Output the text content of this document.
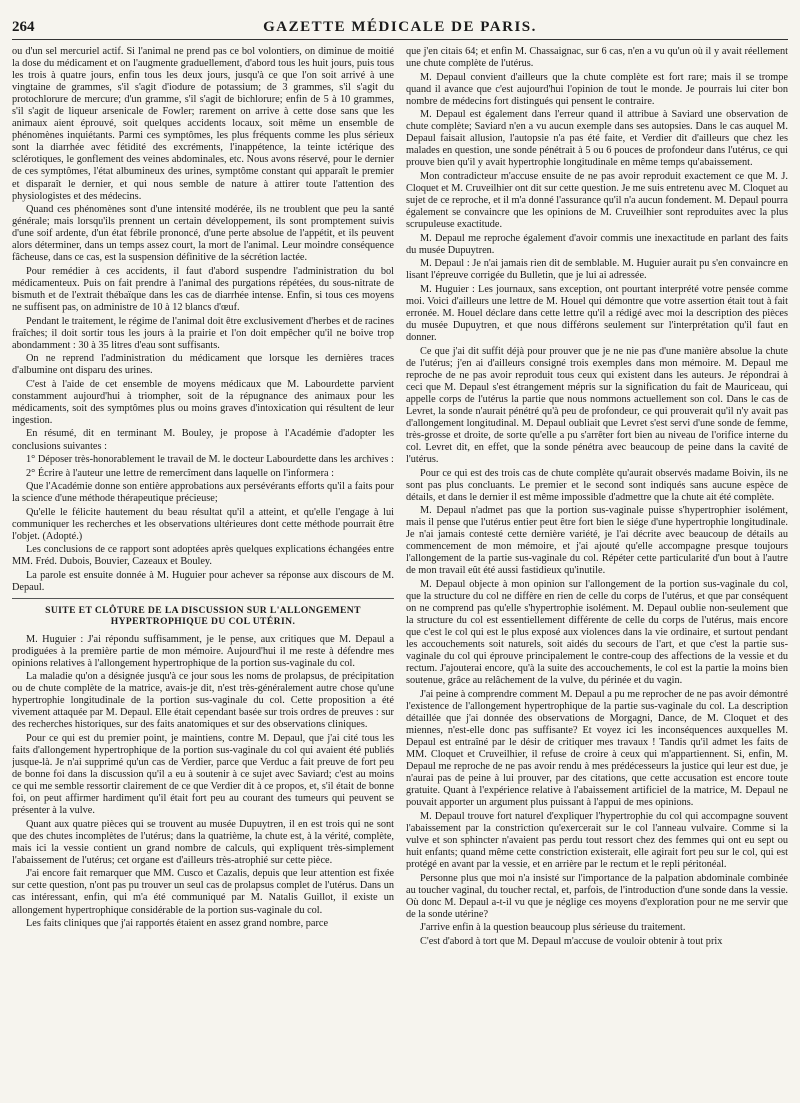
264	GAZETTE MÉDICALE DE PARIS.

ou d'un sel mercuriel actif. Si l'animal ne prend pas ce bol volontiers, on diminue de moitié la dose du médicament et on l'augmente graduellement, d'abord tous les huit jours, puis tous les trois à quatre jours, enfin tous les deux jours, jusqu'à ce que l'on soit arrivé à une vingtaine de grammes, s'il s'agit d'iodure de potassium; de 3 grammes, s'il s'agit du protochlorure de mercure; d'un gramme, s'il s'agit de bichlorure; enfin de 5 à 10 grammes, s'il s'agit de liqueur arsenicale de Fowler; rarement on arrive à cette dose sans que les animaux aient éprouvé, soit quelques accidents locaux, soit même un ensemble de phénomènes inquiétants. Parmi ces symptômes, les plus fréquents comme les plus sérieux sont la diarrhée avec fétidité des excréments, l'inappétence, la teinte ictérique des sclérotiques, le gonflement des veines abdominales, etc. Nous avons réservé, pour le dernier de ces symptômes, l'état albumineux des urines, symptôme constant qui apparaît le premier et disparaît le dernier, et qui nous semble de nature à attirer toute l'attention des physiologistes et des médecins.

Quand ces phénomènes sont d'une intensité modérée, ils ne troublent que peu la santé générale; mais lorsqu'ils prennent un certain développement, ils sont promptement suivis d'une soif ardente, d'un état fébrile prononcé, d'une perte absolue de l'appétit, et ils peuvent alors déterminer, dans un temps assez court, la mort de l'animal. Leur moindre conséquence fâcheuse, dans ce cas, est la suspension définitive de la sécrétion lactée.

Pour remédier à ces accidents, il faut d'abord suspendre l'administration du bol médicamenteux. Puis on fait prendre à l'animal des purgations répétées, du sous-nitrate de bismuth et de l'extrait thébaïque dans les cas de diarrhée intense. Enfin, si tous ces moyens ne suffisent pas, on administre de 10 à 12 blancs d'œuf.

Pendant le traitement, le régime de l'animal doit être exclusivement d'herbes et de racines fraîches; il doit sortir tous les jours à la prairie et l'on doit empêcher qu'il ne boive trop abondamment : 30 à 35 litres d'eau sont suffisants.

On ne reprend l'administration du médicament que lorsque les dernières traces d'albumine ont disparu des urines.

C'est à l'aide de cet ensemble de moyens médicaux que M. Labourdette parvient constamment aujourd'hui à triompher, soit de la répugnance des animaux pour les médicaments, soit des symptômes plus ou moins graves d'intoxication qui résultent de leur ingestion.

En résumé, dit en terminant M. Bouley, je propose à l'Académie d'adopter les conclusions suivantes :

1° Déposer très-honorablement le travail de M. le docteur Labourdette dans les archives :

2° Écrire à l'auteur une lettre de remercîment dans laquelle on l'informera :

Que l'Académie donne son entière approbations aux persévérants efforts qu'il a faits pour la science d'une méthode thérapeutique précieuse;

Qu'elle le félicite hautement du beau résultat qu'il a atteint, et qu'elle l'engage à lui communiquer les recherches et les observations ultérieures dont cette méthode pourrait être l'objet. (Adopté.)

Les conclusions de ce rapport sont adoptées après quelques explications échangées entre MM. Fréd. Dubois, Bouvier, Cazeaux et Bouley.

La parole est ensuite donnée à M. Huguier pour achever sa réponse aux discours de M. Depaul.

SUITE ET CLÔTURE DE LA DISCUSSION SUR L'ALLONGEMENT HYPERTROPHIQUE DU COL UTÉRIN.

M. Huguier : J'ai répondu suffisamment, je le pense, aux critiques que M. Depaul a prodiguées à la première partie de mon mémoire. Aujourd'hui il me reste à défendre mes opinions relatives à l'allongement hypertrophique de la portion sus-vaginale du col.

La maladie qu'on a désignée jusqu'à ce jour sous les noms de prolapsus, de précipitation ou de chute complète de la matrice, avais-je dit, n'est très-généralement autre chose qu'une hypertrophie longitudinale de la portion sus-vaginale du col. Cette proposition a été vivement attaquée par M. Depaul. Elle était cependant basée sur trois ordres de preuves : sur des recherches historiques, sur des faits anatomiques et sur des observations cliniques.

Pour ce qui est du premier point, je maintiens, contre M. Depaul, que j'ai cité tous les faits d'allongement hypertrophique de la portion sus-vaginale du col qui avaient été publiés jusque-là. Je n'ai supprimé qu'un cas de Verdier, parce que Verduc a fait preuve de fort peu de bonne foi dans la discussion qu'il a eu à soutenir à ce sujet avec Saviard; c'est au moins ce qui me semble ressortir clairement de ce que Verdier dit à ce propos, et, s'il était de bonne foi, on peut affirmer hardiment qu'il était fort peu au courant des tumeurs qui peuvent se présenter à la vulve.

Quant aux quatre pièces qui se trouvent au musée Dupuytren, il en est trois qui ne sont que des chutes incomplètes de l'utérus; dans la quatrième, la chute est, à la vérité, complète, mais ici la vessie contient un grand nombre de calculs, qui expliquent très-simplement l'abaissement de l'utérus; cet organe est d'ailleurs très-atrophié sur cette pièce.

J'ai encore fait remarquer que MM. Cusco et Cazalis, depuis que leur attention est fixée sur cette question, n'ont pas pu trouver un seul cas de prolapsus complet de l'utérus. Dans un cas intéressant, enfin, qui m'a été communiqué par M. Natalis Guillot, il existe un allongement hypertrophique considérable de la portion sus-vaginale du col.

Les faits cliniques que j'ai rapportés étaient en assez grand nombre, parce

que j'en citais 64; et enfin M. Chassaignac, sur 6 cas, n'en a vu qu'un où il y avait réellement une chute complète de l'utérus.

M. Depaul convient d'ailleurs que la chute complète est fort rare; mais il se trompe quand il avance que c'est aujourd'hui l'opinion de tout le monde. Je pourrais lui citer bon nombre de médecins fort distingués qui pensent le contraire.

M. Depaul est également dans l'erreur quand il attribue à Saviard une observation de chute complète; Saviard n'en a vu aucun exemple dans ses autopsies. Dans le cas auquel M. Depaul faisait allusion, l'autopsie n'a pas été faite, et Verdier dit d'ailleurs que chez les malades en question, une sonde pénétrait à 5 ou 6 pouces de profondeur dans l'utérus, ce qui prouve bien qu'il y avait hypertrophie longitudinale en même temps qu'abaissement.

Mon contradicteur m'accuse ensuite de ne pas avoir reproduit exactement ce que M. J. Cloquet et M. Cruveilhier ont dit sur cette question. Je me suis entretenu avec M. Cloquet au sujet de ce reproche, et il m'a donné l'assurance qu'il n'a aucun fondement. M. Depaul pourra également se convaincre que les opinions de M. Cruveilhier sont reproduites avec la plus scrupuleuse exactitude.

M. Depaul me reproche également d'avoir commis une inexactitude en parlant des faits du musée Dupuytren.

M. Depaul : Je n'ai jamais rien dit de semblable. M. Huguier aurait pu s'en convaincre en lisant l'épreuve corrigée du Bulletin, que je lui ai adressée.

M. Huguier : Les journaux, sans exception, ont pourtant interprété votre pensée comme moi. Voici d'ailleurs une lettre de M. Houel qui démontre que votre assertion était tout à fait erronée. M. Houel déclare dans cette lettre qu'il a rédigé avec moi la description des pièces du musée Dupuytren, et que nous différons seulement sur l'interprétation qu'il faut en donner.

Ce que j'ai dit suffit déjà pour prouver que je ne nie pas d'une manière absolue la chute de l'utérus; j'en ai d'ailleurs consigné trois exemples dans mon mémoire. M. Depaul me reproche de ne pas avoir reproduit tous ceux qui existent dans les auteurs. Je répondrai à ceci que M. Depaul s'est étrangement mépris sur la signification du fait de Mauriceau, qui appelle corps de l'utérus la partie que nous nommons actuellement son col. Dans le cas de Levret, la sonde n'aurait pénétré qu'à peu de profondeur, ce qui prouverait qu'il n'y avait pas d'allongement longitudinal. M. Depaul oubliait que Levret s'est servi d'une sonde de femme, très-grosse et droite, de sorte qu'elle a pu s'arrêter fort bien au niveau de l'orifice interne du col. Levret dit, en effet, que la sonde pénétra avec beaucoup de peine dans la cavité de l'utérus.

Pour ce qui est des trois cas de chute complète qu'aurait observés madame Boivin, ils ne sont pas plus concluants. Le premier et le second sont indiqués sans aucune espèce de détails, et dans le dernier il est même impossible d'admettre que la chute ait été complète.

M. Depaul n'admet pas que la portion sus-vaginale puisse s'hypertrophier isolément, mais il pense que l'utérus entier peut être fort bien le siége d'une hypertrophie longitudinale. Je n'ai jamais contesté cette dernière variété, je l'ai décrite avec beaucoup de détails au commencement de mon mémoire, et j'ai ajouté qu'elle accompagne presque toujours l'allongement de la partie sus-vaginale du col. Répéter cette particularité d'un bout à l'autre de mon travail eût été aussi fastidieux qu'inutile.

M. Depaul objecte à mon opinion sur l'allongement de la portion sus-vaginale du col, que la structure du col ne diffère en rien de celle du corps de l'utérus, et que par conséquent on ne comprend pas qu'elle s'hypertrophie isolément. M. Depaul oublie non-seulement que la structure du col est essentiellement différente de celle du corps de l'utérus, mais encore que c'est le col qui est le plus exposé aux violences dans la vie ordinaire, et surtout pendant les accouchements soit naturels, soit aidés du secours de l'art, et que c'est la partie sus-vaginale du col qui éprouve principalement le contre-coup des affections de la vessie et du rectum. J'ajouterai encore, qu'à la suite des accouchements, le col est la partie la moins bien soutenue, grâce au relâchement de la vulve, du périnée et du vagin.

J'ai peine à comprendre comment M. Depaul a pu me reprocher de ne pas avoir démontré l'existence de l'allongement hypertrophique de la partie sus-vaginale du col. La description détaillée que j'ai donnée des observations de Morgagni, Dance, de M. Cloquet et des miennes, n'est-elle donc pas suffisante? Et voyez ici les inconséquences auxquelles M. Depaul est entraîné par le désir de critiquer mes travaux ! Tandis qu'il admet les faits de MM. Cloquet et Cruveilhier, il refuse de croire à ceux qui m'appartiennent. Si, enfin, M. Depaul me reproche de ne pas avoir rendu à mes prédécesseurs la justice qui leur est due, je n'aurai pas de peine à lui prouver, par des citations, que cette accusation est encore toute gratuite. Quant à l'expérience relative à l'abaissement artificiel de la matrice, M. Depaul ne pouvait apporter un argument plus puissant à l'appui de mes opinions.

M. Depaul trouve fort naturel d'expliquer l'hypertrophie du col qui accompagne souvent l'abaissement par la constriction qu'exercerait sur le col l'anneau vulvaire. Comme si la vulve et son sphincter n'avaient pas perdu tout ressort chez des femmes qui ont eu sept ou huit enfants; quand même cette constriction existerait, elle agirait fort peu sur le col, qui est protégé en avant par la vessie, et en arrière par le rectum et le repli péritonéal.

Personne plus que moi n'a insisté sur l'importance de la palpation abdominale combinée au toucher vaginal, du toucher rectal, et, parfois, de l'introduction d'une sonde dans la vessie. Où donc M. Depaul a-t-il vu que je néglige ces moyens d'exploration pour ne me servir que de la sonde utérine?

J'arrive enfin à la question beaucoup plus sérieuse du traitement.

C'est d'abord à tort que M. Depaul m'accuse de vouloir obtenir à tout prix
